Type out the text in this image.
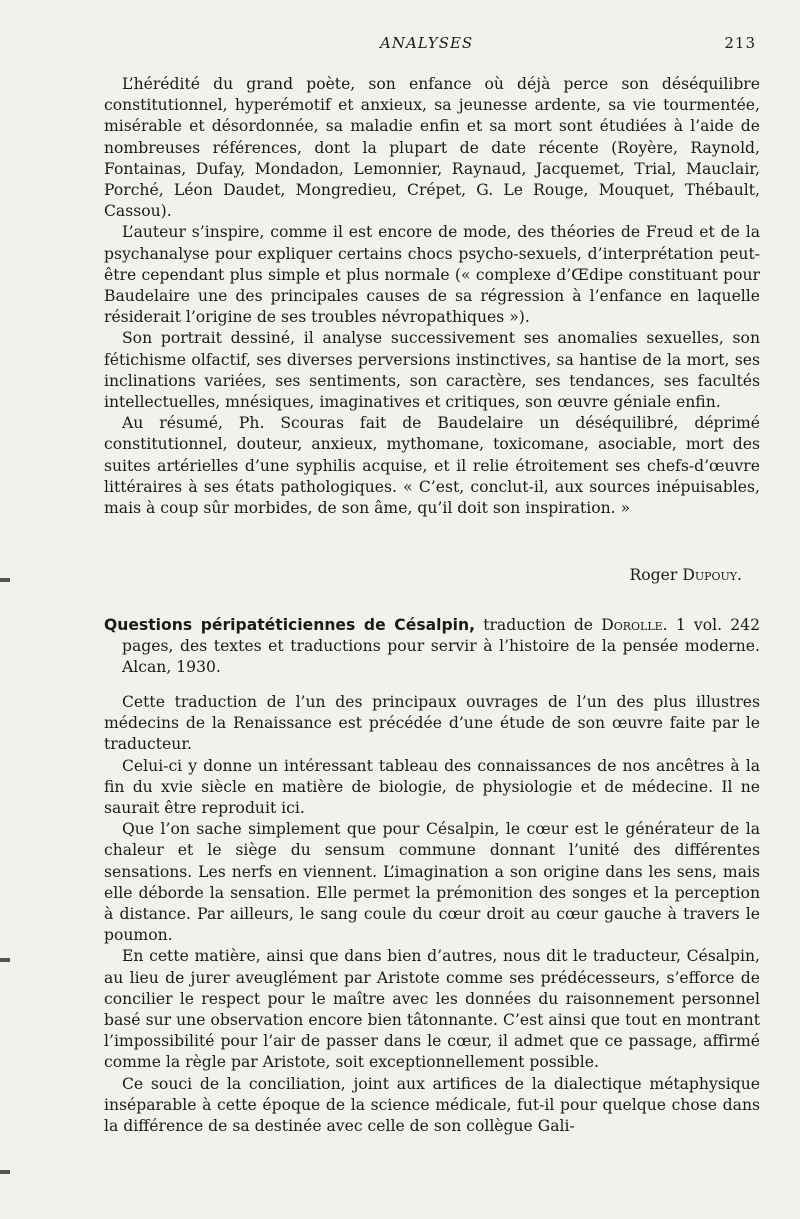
ANALYSES	213

L’hérédité du grand poète, son enfance où déjà perce son déséquilibre constitutionnel, hyperémotif et anxieux, sa jeunesse ardente, sa vie tourmentée, misérable et désordonnée, sa maladie enfin et sa mort sont étudiées à l’aide de nombreuses références, dont la plupart de date récente (Royère, Raynold, Fontainas, Dufay, Mondadon, Lemonnier, Raynaud, Jacquemet, Trial, Mauclair, Porché, Léon Daudet, Mongredieu, Crépet, G. Le Rouge, Mouquet, Thébault, Cassou).

L’auteur s’inspire, comme il est encore de mode, des théories de Freud et de la psychanalyse pour expliquer certains chocs psycho-sexuels, d’interprétation peut-être cependant plus simple et plus normale (« complexe d’Œdipe constituant pour Baudelaire une des principales causes de sa régression à l’enfance en laquelle résiderait l’origine de ses troubles névropathiques »).

Son portrait dessiné, il analyse successivement ses anomalies sexuelles, son fétichisme olfactif, ses diverses perversions instinctives, sa hantise de la mort, ses inclinations variées, ses sentiments, son caractère, ses tendances, ses facultés intellectuelles, mnésiques, imaginatives et critiques, son œuvre géniale enfin.

Au résumé, Ph. Scouras fait de Baudelaire un déséquilibré, déprimé constitutionnel, douteur, anxieux, mythomane, toxicomane, asociable, mort des suites artérielles d’une syphilis acquise, et il relie étroitement ses chefs-d’œuvre littéraires à ses états pathologiques. « C’est, conclut-il, aux sources inépuisables, mais à coup sûr morbides, de son âme, qu’il doit son inspiration. »

Roger Dupouy.

Questions péripatéticiennes de Césalpin, traduction de Dorolle. 1 vol. 242 pages, des textes et traductions pour servir à l’histoire de la pensée moderne. Alcan, 1930.

Cette traduction de l’un des principaux ouvrages de l’un des plus illustres médecins de la Renaissance est précédée d’une étude de son œuvre faite par le traducteur.

Celui-ci y donne un intéressant tableau des connaissances de nos ancêtres à la fin du xvie siècle en matière de biologie, de physiologie et de médecine. Il ne saurait être reproduit ici.

Que l’on sache simplement que pour Césalpin, le cœur est le générateur de la chaleur et le siège du sensum commune donnant l’unité des différentes sensations. Les nerfs en viennent. L’imagination a son origine dans les sens, mais elle déborde la sensation. Elle permet la prémonition des songes et la perception à distance. Par ailleurs, le sang coule du cœur droit au cœur gauche à travers le poumon.

En cette matière, ainsi que dans bien d’autres, nous dit le traducteur, Césalpin, au lieu de jurer aveuglément par Aristote comme ses prédécesseurs, s’efforce de concilier le respect pour le maître avec les données du raisonnement personnel basé sur une observation encore bien tâtonnante. C’est ainsi que tout en montrant l’impossibilité pour l’air de passer dans le cœur, il admet que ce passage, affirmé comme la règle par Aristote, soit exceptionnellement possible.

Ce souci de la conciliation, joint aux artifices de la dialectique métaphysique inséparable à cette époque de la science médicale, fut-il pour quelque chose dans la différence de sa destinée avec celle de son collègue Gali-
